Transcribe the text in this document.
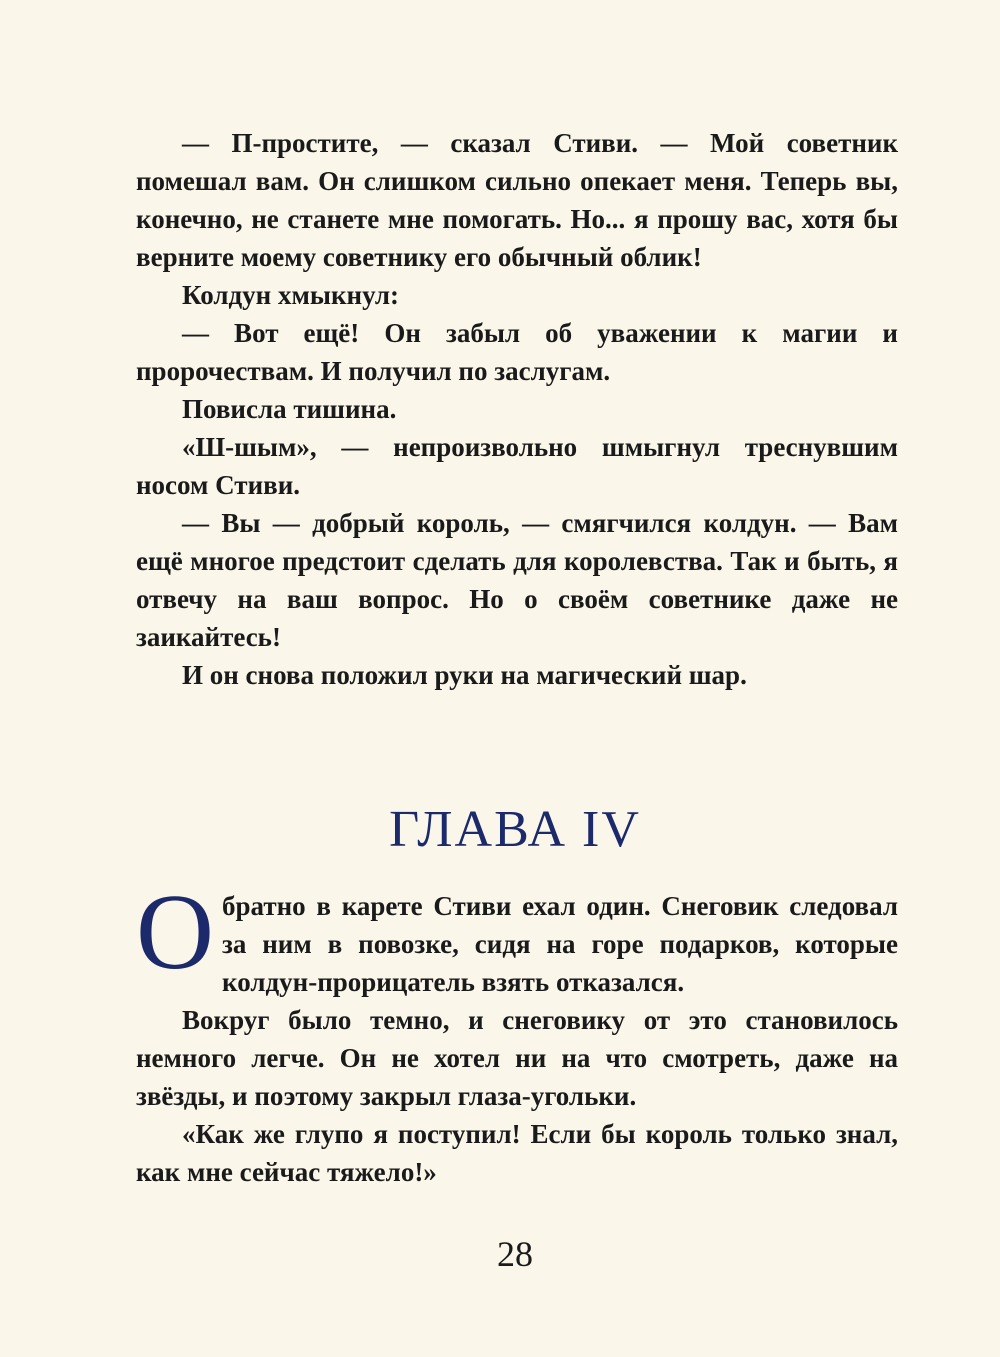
— П-простите, — сказал Стиви. — Мой советник помешал вам. Он слишком сильно опекает меня. Теперь вы, конечно, не станете мне помогать. Но... я прошу вас, хотя бы верните моему советнику его обычный облик!

Колдун хмыкнул:

— Вот ещё! Он забыл об уважении к магии и пророчествам. И получил по заслугам.

Повисла тишина.

«Ш-шым», — непроизвольно шмыгнул треснувшим носом Стиви.

— Вы — добрый король, — смягчился колдун. — Вам ещё многое предстоит сделать для королевства. Так и быть, я отвечу на ваш вопрос. Но о своём советнике даже не заикайтесь!

И он снова положил руки на магический шар.

ГЛАВА IV

Обратно в карете Стиви ехал один. Снеговик следовал за ним в повозке, сидя на горе подарков, которые колдун-прорицатель взять отказался.

Вокруг было темно, и снеговику от это становилось немного легче. Он не хотел ни на что смотреть, даже на звёзды, и поэтому закрыл глаза-угольки.

«Как же глупо я поступил! Если бы король только знал, как мне сейчас тяжело!»

28
